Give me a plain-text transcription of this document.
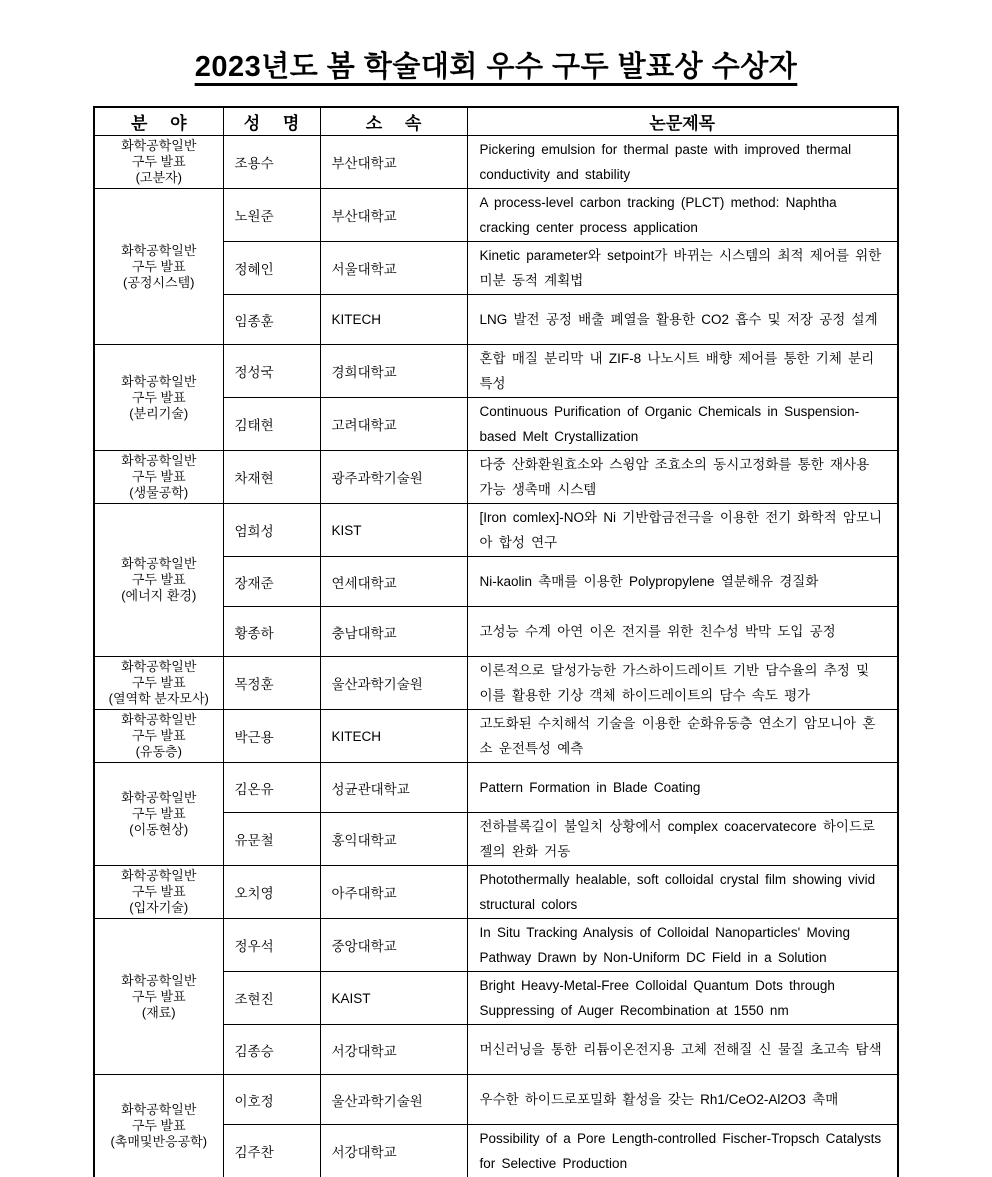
2023년도 봄 학술대회 우수 구두 발표상 수상자
분 야	성 명	소 속	논문제목
화학공학일반
구두 발표
(고분자)	조용수	부산대학교	Pickering emulsion for thermal paste with improved thermal conductivity and stability
화학공학일반
구두 발표
(공정시스템)	노원준	부산대학교	A process-level carbon tracking (PLCT) method: Naphtha cracking center process application
	정혜인	서울대학교	Kinetic parameter와 setpoint가 바뀌는 시스템의 최적 제어를 위한 미분 동적 계획법
	임종훈	KITECH	LNG 발전 공정 배출 폐열을 활용한 CO2 흡수 및 저장 공정 설계
화학공학일반
구두 발표
(분리기술)	정성국	경희대학교	혼합 매질 분리막 내 ZIF-8 나노시트 배향 제어를 통한 기체 분리 특성
	김태현	고려대학교	Continuous Purification of Organic Chemicals in Suspension-based Melt Crystallization
화학공학일반
구두 발표
(생물공학)	차재현	광주과학기술원	다중 산화환원효소와 스윙암 조효소의 동시고정화를 통한 재사용 가능 생촉매 시스템
화학공학일반
구두 발표
(에너지 환경)	엄희성	KIST	[Iron comlex]-NO와 Ni 기반합금전극을 이용한 전기 화학적 암모니아 합성 연구
	장재준	연세대학교	Ni-kaolin 촉매를 이용한 Polypropylene 열분해유 경질화
	황종하	충남대학교	고성능 수계 아연 이온 전지를 위한 친수성 박막 도입 공정
화학공학일반
구두 발표
(열역학 분자모사)	목정훈	울산과학기술원	이론적으로 달성가능한 가스하이드레이트 기반 담수율의 추정 및 이를 활용한 기상 객체 하이드레이트의 담수 속도 평가
화학공학일반
구두 발표
(유동층)	박근용	KITECH	고도화된 수치해석 기술을 이용한 순화유동층 연소기 암모니아 혼소 운전특성 예측
화학공학일반
구두 발표
(이동현상)	김온유	성균관대학교	Pattern Formation in Blade Coating
	유문철	홍익대학교	전하블록길이 불일치 상황에서 complex coacervatecore 하이드로젤의 완화 거동
화학공학일반
구두 발표
(입자기술)	오치영	아주대학교	Photothermally healable, soft colloidal crystal film showing vivid structural colors
화학공학일반
구두 발표
(재료)	정우석	중앙대학교	In Situ Tracking Analysis of Colloidal Nanoparticles' Moving Pathway Drawn by Non-Uniform DC Field in a Solution
	조현진	KAIST	Bright Heavy-Metal-Free Colloidal Quantum Dots through Suppressing of Auger Recombination at 1550 nm
	김종승	서강대학교	머신러닝을 통한 리튬이온전지용 고체 전해질 신 물질 초고속 탐색
화학공학일반
구두 발표
(촉매및반응공학)	이호정	울산과학기술원	우수한 하이드로포밀화 활성을 갖는 Rh1/CeO2-Al2O3 촉매
	김주찬	서강대학교	Possibility of a Pore Length-controlled Fischer-Tropsch Catalysts for Selective Production
